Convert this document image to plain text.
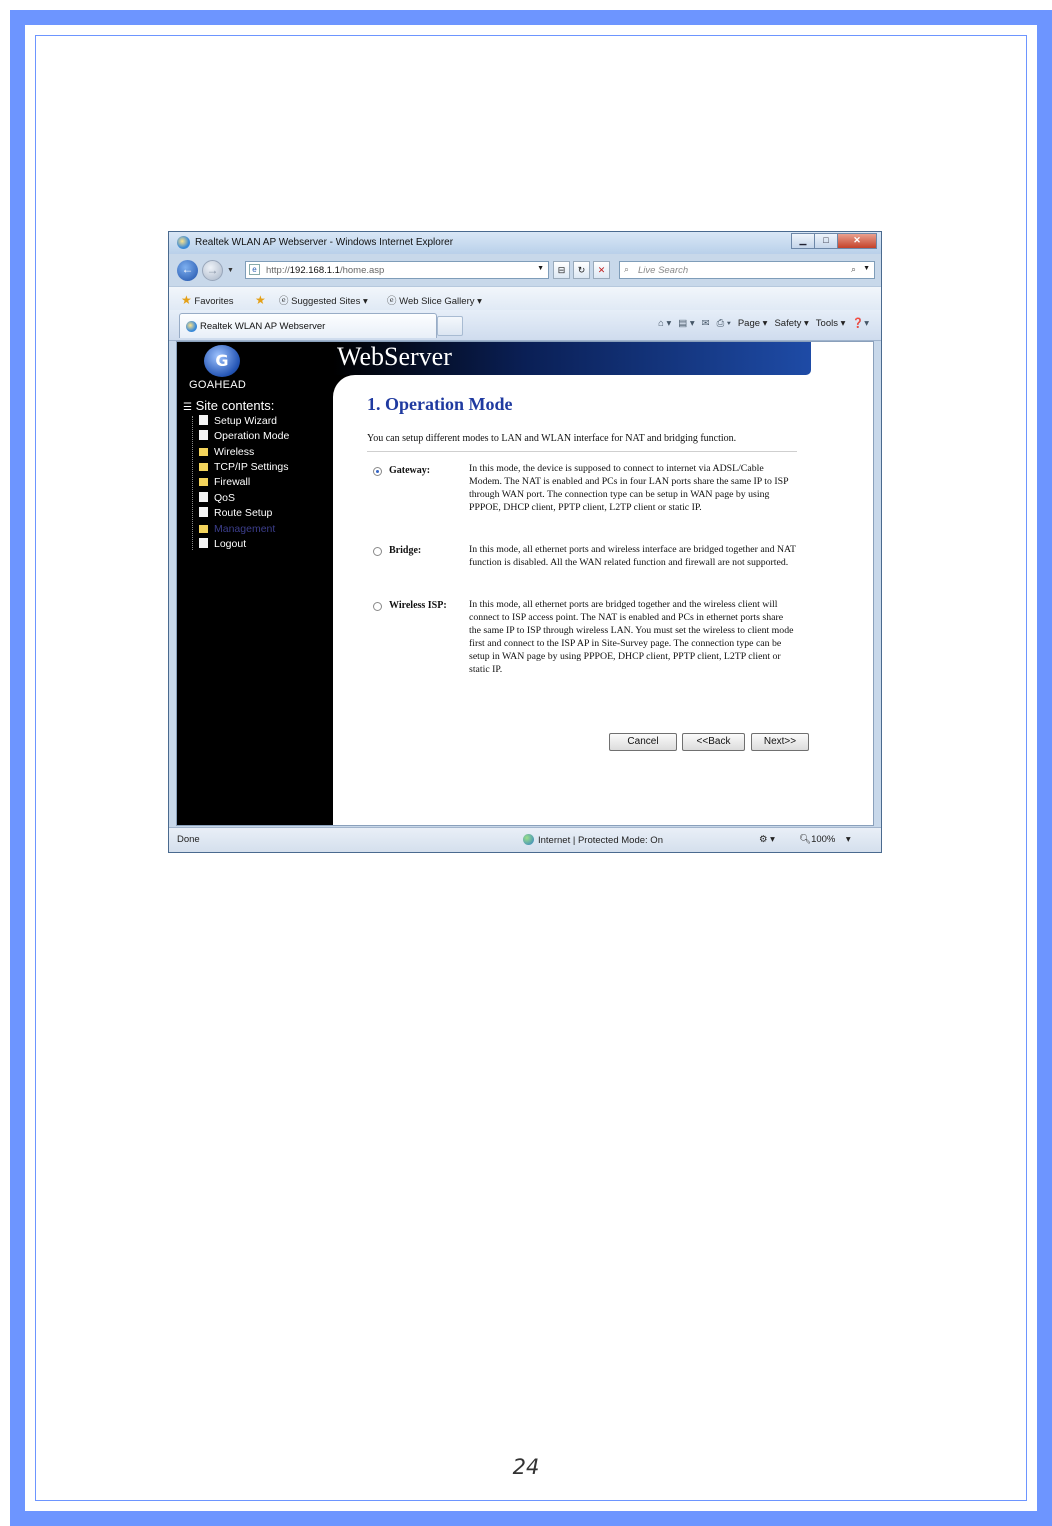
Realtek WLAN AP Webserver - Windows Internet Explorer	▁	□	✕
←	→	▼	e http://192.168.1.1/home.asp	▼	⊟	↻	✕	⌕ Live Search	⌕ ▼
★ Favorites ★ ⓔ Suggested Sites ▾ ⓔ Web Slice Gallery ▾
Realtek WLAN AP Webserver	⌂ ▾ ▤ ▾ ✉ ⎙ ▾ Page ▾ Safety ▾ Tools ▾ ❓▾
G
GOAHEAD
☰ Site contents:
Setup Wizard
Operation Mode
Wireless
TCP/IP Settings
Firewall
QoS
Route Setup
Management
Logout
WebServer
1. Operation Mode
You can setup different modes to LAN and WLAN interface for NAT and bridging function.
Gateway:	In this mode, the device is supposed to connect to internet via ADSL/Cable Modem. The NAT is enabled and PCs in four LAN ports share the same IP to ISP through WAN port. The connection type can be setup in WAN page by using PPPOE, DHCP client, PPTP client, L2TP client or static IP.
Bridge:	In this mode, all ethernet ports and wireless interface are bridged together and NAT function is disabled. All the WAN related function and firewall are not supported.
Wireless ISP: In this mode, all ethernet ports are bridged together and the wireless client will connect to ISP access point. The NAT is enabled and PCs in ethernet ports share the same IP to ISP through wireless LAN. You must set the wireless to client mode first and connect to the ISP AP in Site-Survey page. The connection type can be setup in WAN page by using PPPOE, DHCP client, PPTP client, L2TP client or static IP.
Cancel	<<Back	Next>>
Done	Internet | Protected Mode: On	⚙ ▾	🔍︎100%    ▾
24
